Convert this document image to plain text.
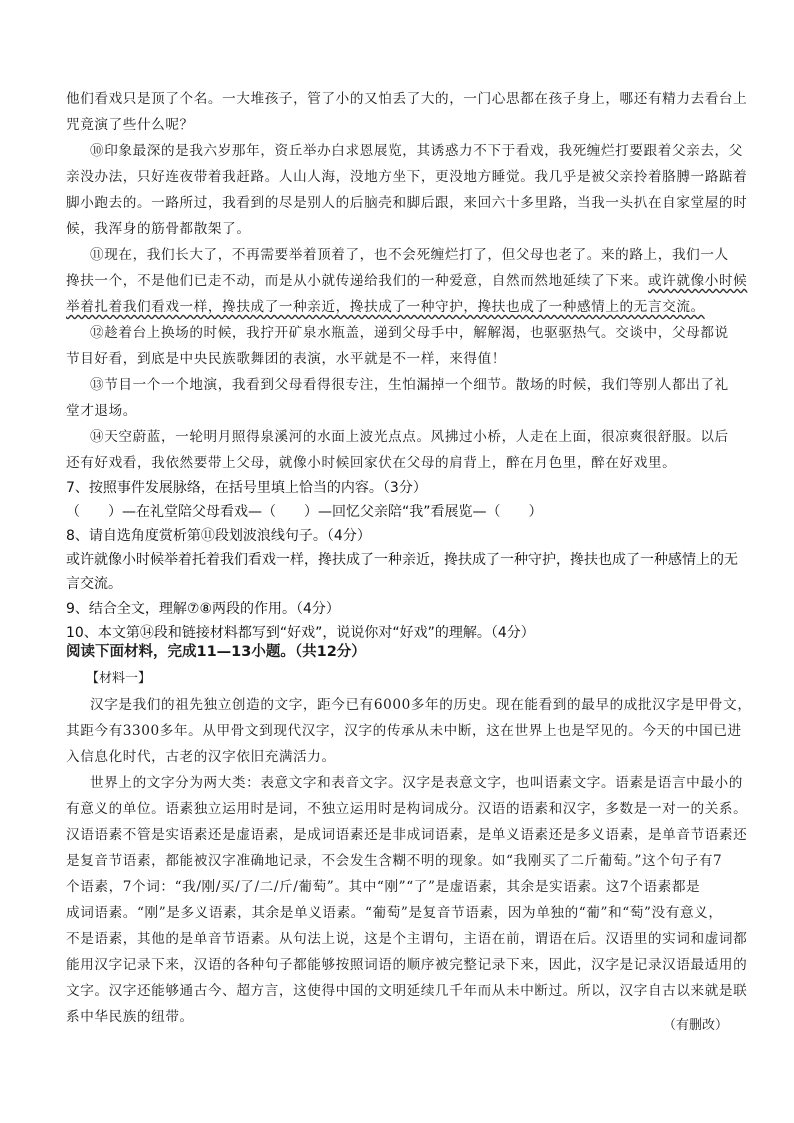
他们看戏只是顶了个名。一大堆孩子，管了小的又怕丢了大的，一门心思都在孩子身上，哪还有精力去看台上
咒竟演了些什么呢？
⑩印象最深的是我六岁那年，资丘举办白求恩展览，其诱惑力不下于看戏，我死缠烂打要跟着父亲去，父
亲没办法，只好连夜带着我赶路。人山人海，没地方坐下，更没地方睡觉。我几乎是被父亲拎着胳膊一路踮着
脚小跑去的。一路所过，我看到的尽是别人的后脑壳和脚后跟，来回六十多里路，当我一头扒在自家堂屋的时
候，我浑身的筋骨都散架了。
⑪现在，我们长大了，不再需要举着顶着了，也不会死缠烂打了，但父母也老了。来的路上，我们一人
搀扶一个，不是他们已走不动，而是从小就传递给我们的一种爱意，自然而然地延续了下来。或许就像小时候
举着扎着我们看戏一样，搀扶成了一种亲近，搀扶成了一种守护，搀扶也成了一种感情上的无言交流。
⑫趁着台上换场的时候，我拧开矿泉水瓶盖，递到父母手中，解解渴，也驱驱热气。交谈中，父母都说
节目好看，到底是中央民族歌舞团的表演，水平就是不一样，来得值！
⑬节目一个一个地演，我看到父母看得很专注，生怕漏掉一个细节。散场的时候，我们等别人都出了礼
堂才退场。
⑭天空蔚蓝，一轮明月照得泉溪河的水面上波光点点。风拂过小桥，人走在上面，很凉爽很舒服。以后
还有好戏看，我依然要带上父母，就像小时候回家伏在父母的肩背上，醉在月色里，醉在好戏里。
7、按照事件发展脉络，在括号里填上恰当的内容。（3分）
（　　）—在礼堂陪父母看戏—（　　）—回忆父亲陪“我”看展览—（　　）
8、请自选角度赏析第⑪段划波浪线句子。（4分）
或许就像小时候举着托着我们看戏一样，搀扶成了一种亲近，搀扶成了一种守护，搀扶也成了一种感情上的无
言交流。
9、结合全文，理解⑦⑧两段的作用。（4分）
10、本文第⑭段和链接材料都写到“好戏”，说说你对“好戏”的理解。（4分）

阅读下面材料，完成11—13小题。（共12分）

【材料一】

汉字是我们的祖先独立创造的文字，距今已有6000多年的历史。现在能看到的最早的成批汉字是甲骨文，
其距今有3300多年。从甲骨文到现代汉字，汉字的传承从未中断，这在世界上也是罕见的。今天的中国已进
入信息化时代，古老的汉字依旧充满活力。
世界上的文字分为两大类：表意文字和表音文字。汉字是表意文字，也叫语素文字。语素是语言中最小的
有意义的单位。语素独立运用时是词，不独立运用时是构词成分。汉语的语素和汉字，多数是一对一的关系。
汉语语素不管是实语素还是虚语素，是成词语素还是非成词语素，是单义语素还是多义语素，是单音节语素还
是复音节语素，都能被汉字准确地记录，不会发生含糊不明的现象。如“我刚买了二斤葡萄。”这个句子有7
个语素，7个词：“我/刚/买/了/二/斤/葡萄”。其中“刚”“了”是虚语素，其余是实语素。这7个语素都是
成词语素。“刚”是多义语素，其余是单义语素。“葡萄”是复音节语素，因为单独的“葡”和“萄”没有意义，
不是语素，其他的是单音节语素。从句法上说，这是个主谓句，主语在前，谓语在后。汉语里的实词和虚词都
能用汉字记录下来，汉语的各种句子都能够按照词语的顺序被完整记录下来，因此，汉字是记录汉语最适用的
文字。汉字还能够通古今、超方言，这使得中国的文明延续几千年而从未中断过。所以，汉字自古以来就是联
系中华民族的纽带。

（有删改）
